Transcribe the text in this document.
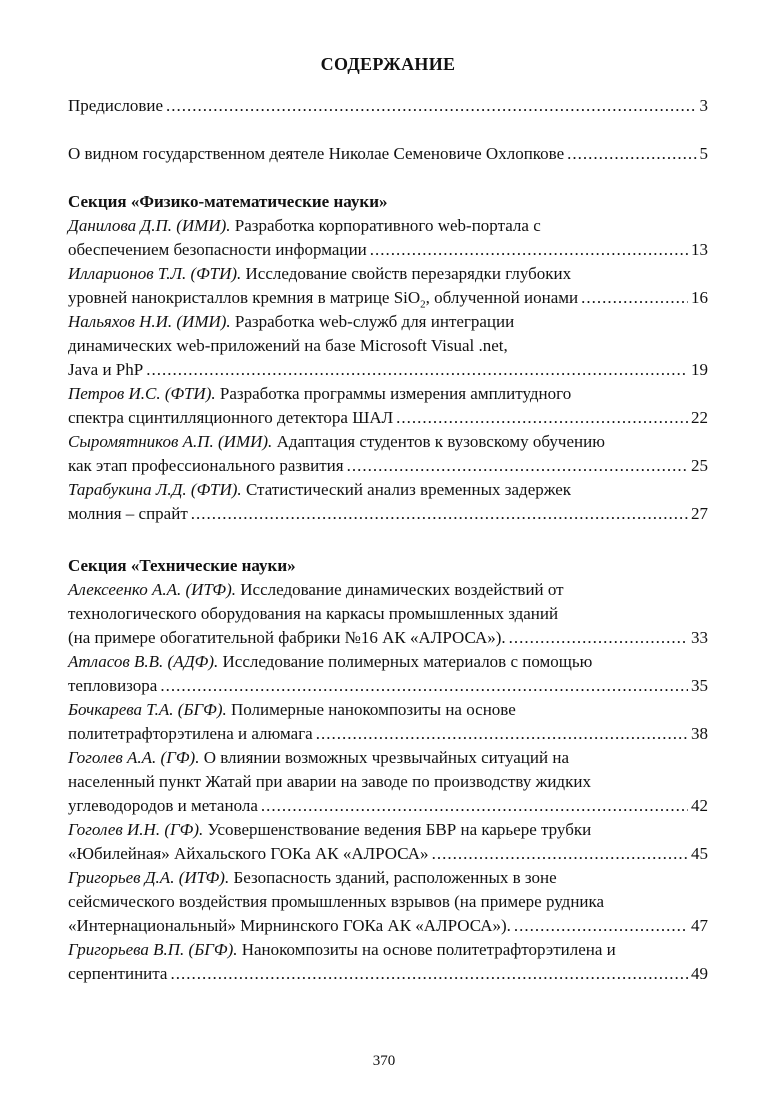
СОДЕРЖАНИЕ
Предисловие .....	3
О видном государственном деятеле Николае Семеновиче Охлопкове .....	5
Секция «Физико-математические науки»
Данилова Д.П. (ИМИ). Разработка корпоративного web-портала с
обеспечением безопасности информации .....	13
Илларионов Т.Л. (ФТИ). Исследование свойств перезарядки глубоких
уровней нанокристаллов кремния в матрице SiO$_2$, облученной ионами .....	16
Нальяхов Н.И. (ИМИ). Разработка web-служб для интеграции
динамических web-приложений на базе Microsoft Visual .net,
Java и PhP .....	19
Петров И.С. (ФТИ). Разработка программы измерения амплитудного
спектра сцинтилляционного детектора ШАЛ .....	22
Сыромятников А.П. (ИМИ). Адаптация студентов к вузовскому обучению
как этап профессионального развития .....	25
Тарабукина Л.Д. (ФТИ). Статистический анализ временных задержек
молния – спрайт .....	27
Секция «Технические науки»
Алексеенко А.А. (ИТФ). Исследование динамических воздействий от
технологического оборудования на каркасы промышленных зданий
(на примере обогатительной фабрики №16 АК «АЛРОСА»). .....	33
Атласов В.В. (АДФ). Исследование полимерных материалов с помощью
тепловизора .....	35
Бочкарева Т.А. (БГФ). Полимерные нанокомпозиты на основе
политетрафторэтилена и алюмага .....	38
Гоголев А.А. (ГФ). О влиянии возможных чрезвычайных ситуаций на
населенный пункт Жатай при аварии на заводе по производству жидких
углеводородов и метанола .....	42
Гоголев И.Н. (ГФ). Усовершенствование ведения БВР на карьере трубки
«Юбилейная» Айхальского ГОКа АК «АЛРОСА» .....	45
Григорьев Д.А. (ИТФ). Безопасность зданий, расположенных в зоне
сейсмического воздействия промышленных взрывов (на примере рудника
«Интернациональный» Мирнинского ГОКа АК «АЛРОСА»). .....	47
Григорьева В.П. (БГФ). Нанокомпозиты на основе политетрафторэтилена и
серпентинита .....	49
370
